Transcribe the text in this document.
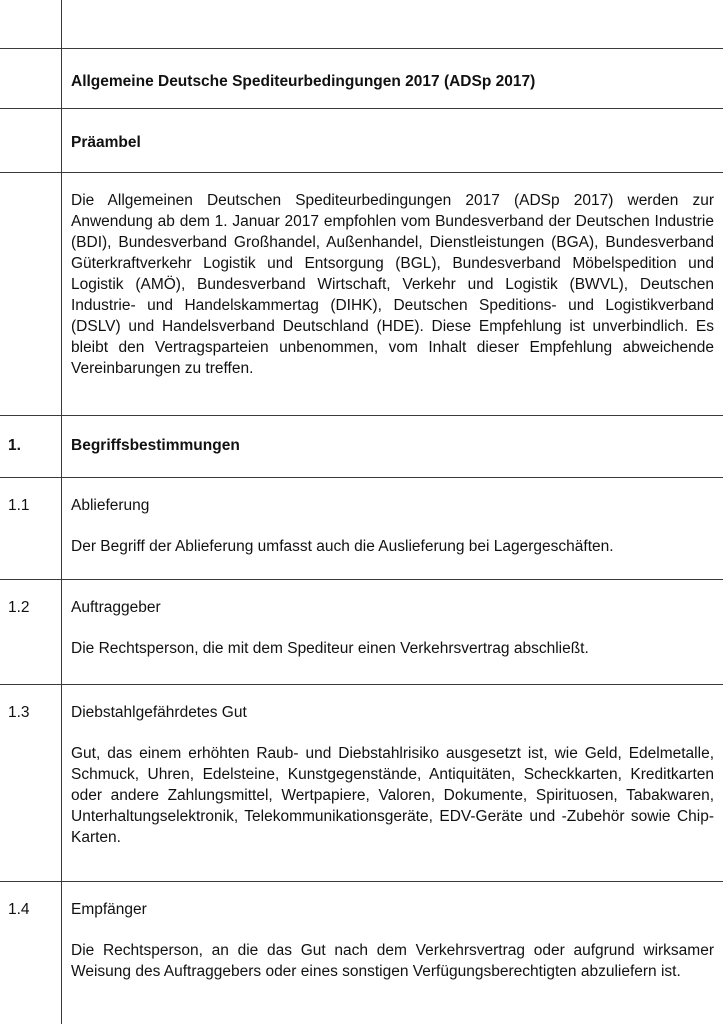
	Allgemeine Deutsche Spediteurbedingungen 2017 (ADSp 2017)

	Präambel

	Die Allgemeinen Deutschen Spediteurbedingungen 2017 (ADSp 2017) werden zur Anwendung ab dem 1. Januar 2017 empfohlen vom Bundesverband der Deutschen Industrie (BDI), Bundesverband Großhandel, Außenhandel, Dienstleistungen (BGA), Bundesverband Güterkraftverkehr Logistik und Entsorgung (BGL), Bundesverband Möbelspedition und Logistik (AMÖ), Bundesverband Wirtschaft, Verkehr und Logistik (BWVL), Deutschen Industrie- und Handelskammertag (DIHK), Deutschen Speditions- und Logistikverband (DSLV) und Handelsverband Deutschland (HDE). Diese Empfehlung ist unverbindlich. Es bleibt den Vertragsparteien unbenommen, vom Inhalt dieser Empfehlung abweichende Vereinbarungen zu treffen.

1.	Begriffsbestimmungen

1.1	Ablieferung

Der Begriff der Ablieferung umfasst auch die Auslieferung bei Lagergeschäften.

1.2	Auftraggeber

Die Rechtsperson, die mit dem Spediteur einen Verkehrsvertrag abschließt.

1.3	Diebstahlgefährdetes Gut

Gut, das einem erhöhten Raub- und Diebstahlrisiko ausgesetzt ist, wie Geld, Edelmetalle, Schmuck, Uhren, Edelsteine, Kunstgegenstände, Antiquitäten, Scheckkarten, Kreditkarten oder andere Zahlungsmittel, Wertpapiere, Valoren, Dokumente, Spirituosen, Tabakwaren, Unterhaltungselektronik, Telekommunikationsgeräte, EDV-Geräte und -Zubehör sowie Chip-Karten.

1.4	Empfänger

Die Rechtsperson, an die das Gut nach dem Verkehrsvertrag oder aufgrund wirksamer Weisung des Auftraggebers oder eines sonstigen Verfügungsberechtigten abzuliefern ist.
